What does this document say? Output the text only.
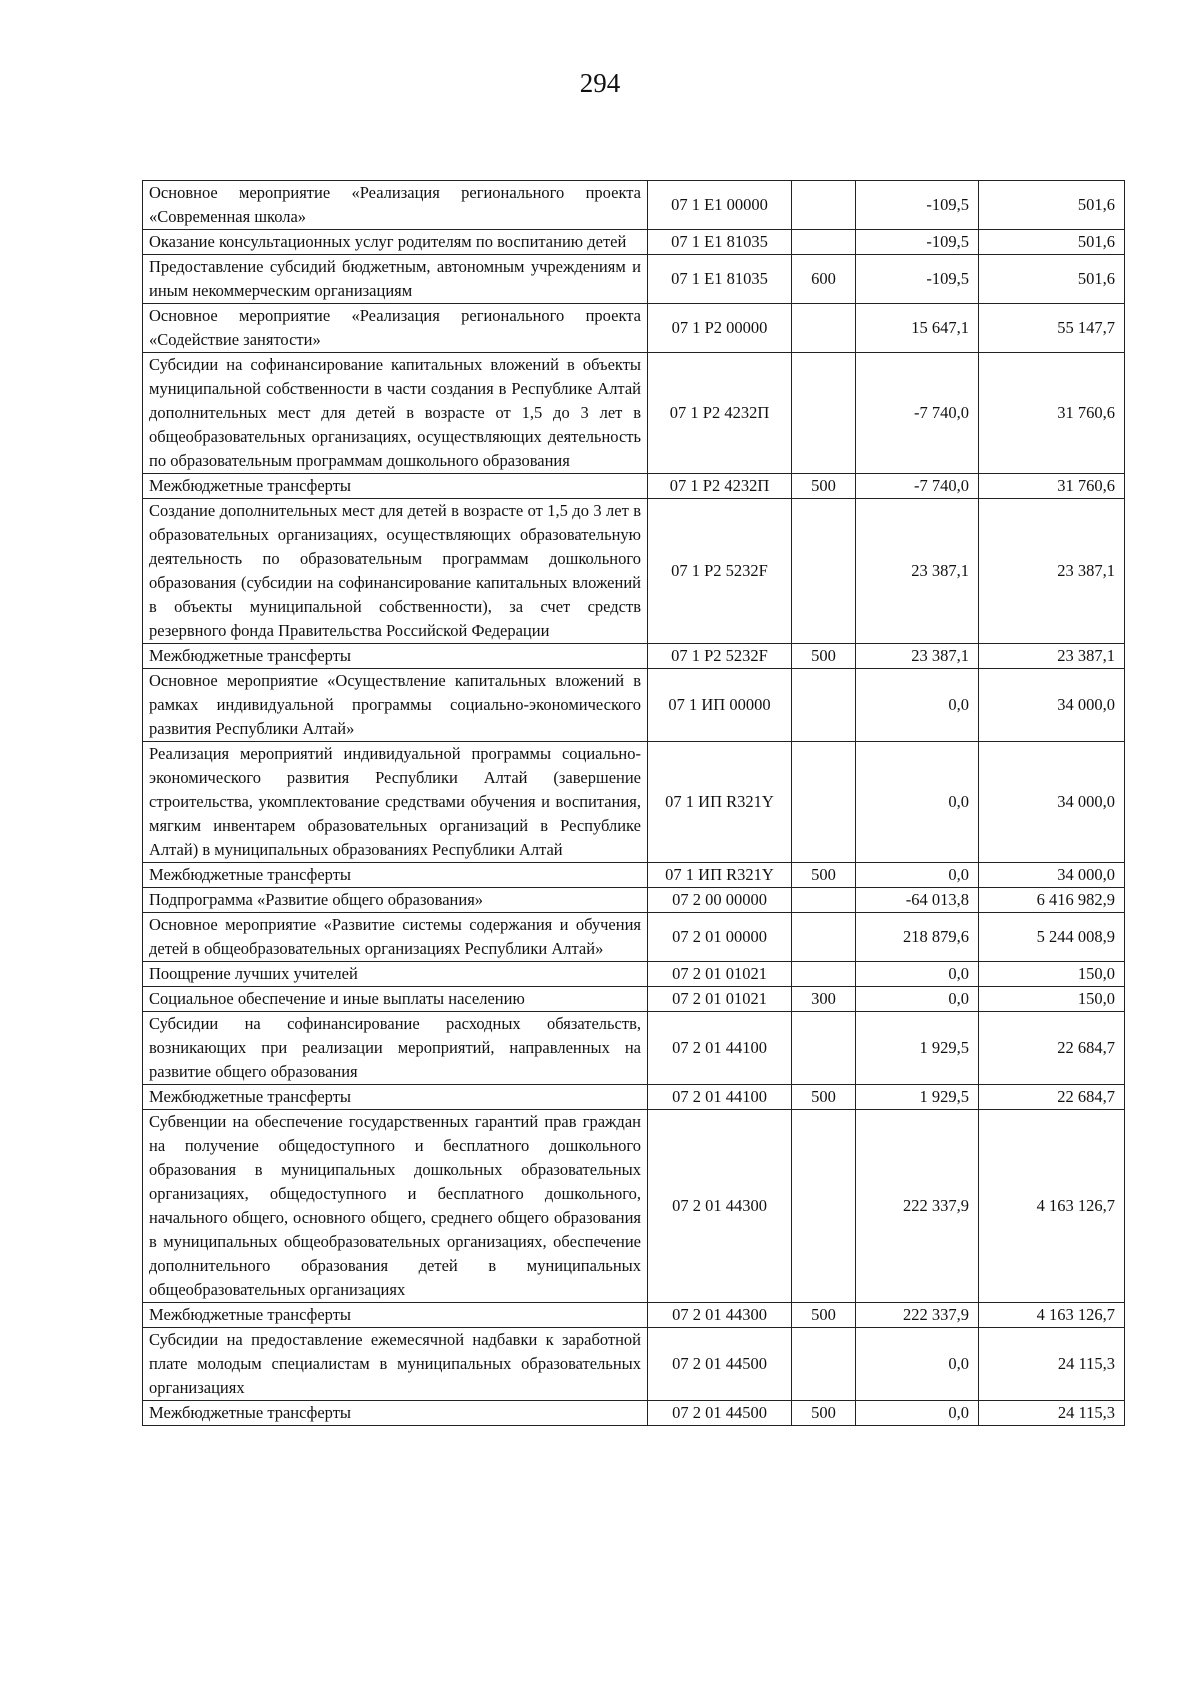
294
Основное мероприятие «Реализация регионального проекта «Современная школа»	07 1 E1 00000		-109,5	501,6
Оказание консультационных услуг родителям по воспитанию детей	07 1 E1 81035		-109,5	501,6
Предоставление субсидий бюджетным, автономным учреждениям и иным некоммерческим организациям	07 1 E1 81035	600	-109,5	501,6
Основное мероприятие «Реализация регионального проекта «Содействие занятости»	07 1 P2 00000		15 647,1	55 147,7
Субсидии на софинансирование капитальных вложений в объекты муниципальной собственности в части создания в Республике Алтай дополнительных мест для детей в возрасте от 1,5 до 3 лет в общеобразовательных организациях, осуществляющих деятельность по образовательным программам дошкольного образования	07 1 P2 4232П		-7 740,0	31 760,6
Межбюджетные трансферты	07 1 P2 4232П	500	-7 740,0	31 760,6
Создание дополнительных мест для детей в возрасте от 1,5 до 3 лет в образовательных организациях, осуществляющих образовательную деятельность по образовательным программам дошкольного образования (субсидии на софинансирование капитальных вложений в объекты муниципальной собственности), за счет средств резервного фонда Правительства Российской Федерации	07 1 P2 5232F		23 387,1	23 387,1
Межбюджетные трансферты	07 1 P2 5232F	500	23 387,1	23 387,1
Основное мероприятие «Осуществление капитальных вложений в рамках индивидуальной программы социально-экономического развития Республики Алтай»	07 1 ИП 00000		0,0	34 000,0
Реализация мероприятий индивидуальной программы социально-экономического развития Республики Алтай (завершение строительства, укомплектование средствами обучения и воспитания, мягким инвентарем образовательных организаций в Республике Алтай) в муниципальных образованиях Республики Алтай	07 1 ИП R321Y		0,0	34 000,0
Межбюджетные трансферты	07 1 ИП R321Y	500	0,0	34 000,0
Подпрограмма «Развитие общего образования»	07 2 00 00000		-64 013,8	6 416 982,9
Основное мероприятие «Развитие системы содержания и обучения детей в общеобразовательных организациях Республики Алтай»	07 2 01 00000		218 879,6	5 244 008,9
Поощрение лучших учителей	07 2 01 01021		0,0	150,0
Социальное обеспечение и иные выплаты населению	07 2 01 01021	300	0,0	150,0
Субсидии на софинансирование расходных обязательств, возникающих при реализации мероприятий, направленных на развитие общего образования	07 2 01 44100		1 929,5	22 684,7
Межбюджетные трансферты	07 2 01 44100	500	1 929,5	22 684,7
Субвенции на обеспечение государственных гарантий прав граждан на получение общедоступного и бесплатного дошкольного образования в муниципальных дошкольных образовательных организациях, общедоступного и бесплатного дошкольного, начального общего, основного общего, среднего общего образования в муниципальных общеобразовательных организациях, обеспечение дополнительного образования детей в муниципальных общеобразовательных организациях	07 2 01 44300		222 337,9	4 163 126,7
Межбюджетные трансферты	07 2 01 44300	500	222 337,9	4 163 126,7
Субсидии на предоставление ежемесячной надбавки к заработной плате молодым специалистам в муниципальных образовательных организациях	07 2 01 44500		0,0	24 115,3
Межбюджетные трансферты	07 2 01 44500	500	0,0	24 115,3
